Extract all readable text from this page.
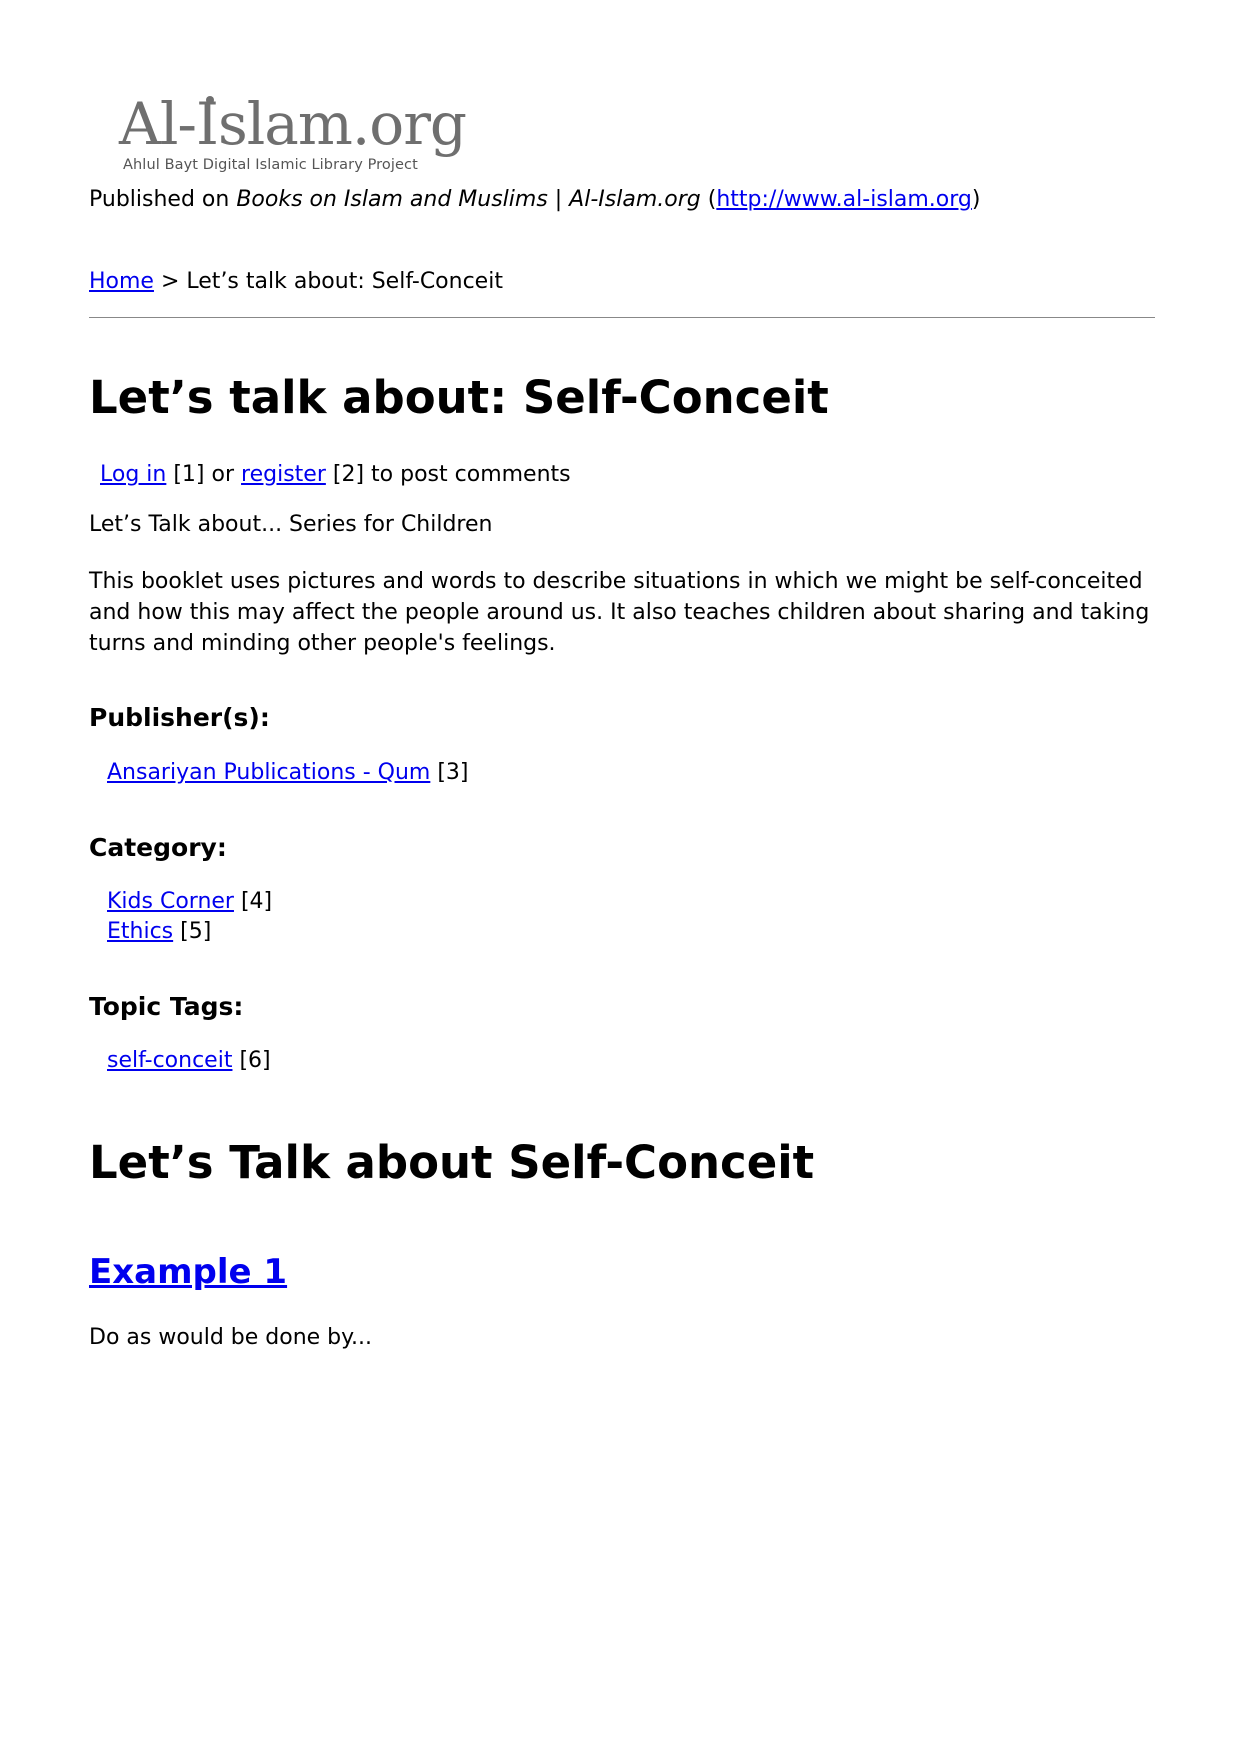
Al-Islam.org
Ahlul Bayt Digital Islamic Library Project
Published on Books on Islam and Muslims | Al-Islam.org (http://www.al-islam.org)
Home > Let’s talk about: Self-Conceit
Let’s talk about: Self-Conceit
Log in [1] or register [2] to post comments
Let’s Talk about... Series for Children

This booklet uses pictures and words to describe situations in which we might be self-conceited and how this may affect the people around us. It also teaches children about sharing and taking turns and minding other people's feelings.

Publisher(s):
Ansariyan Publications - Qum [3]
Category:
Kids Corner [4]
Ethics [5]
Topic Tags:
self-conceit [6]
Let’s Talk about Self-Conceit
Example 1
Do as would be done by...
